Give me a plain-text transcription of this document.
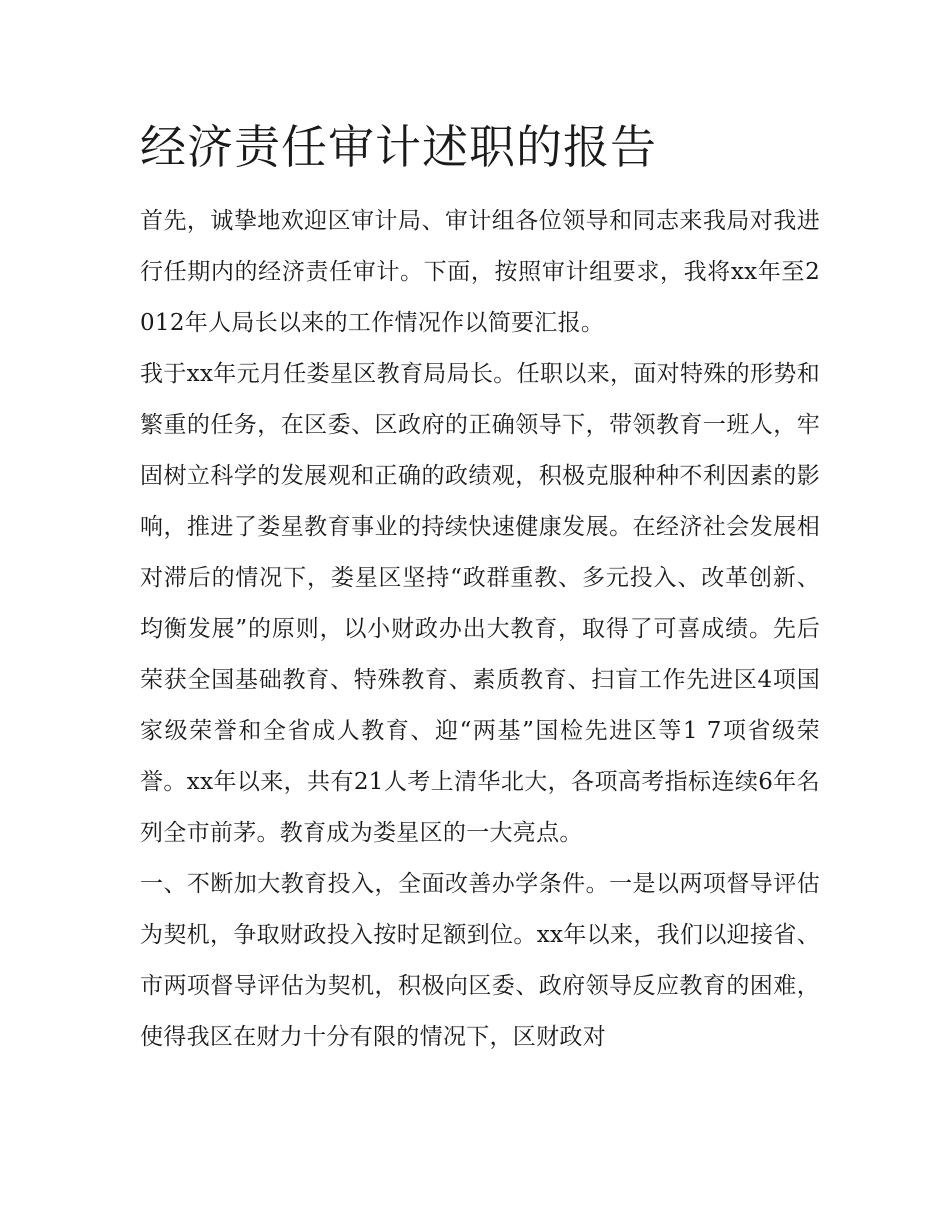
经济责任审计述职的报告

首先，诚挚地欢迎区审计局、审计组各位领导和同志来我局对我进行任期内的经济责任审计。下面，按照审计组要求，我将xx年至2012年人局长以来的工作情况作以简要汇报。

我于xx年元月任娄星区教育局局长。任职以来，面对特殊的形势和繁重的任务，在区委、区政府的正确领导下，带领教育一班人，牢固树立科学的发展观和正确的政绩观，积极克服种种不利因素的影响，推进了娄星教育事业的持续快速健康发展。在经济社会发展相对滞后的情况下，娄星区坚持“政群重教、多元投入、改革创新、均衡发展”的原则，以小财政办出大教育，取得了可喜成绩。先后荣获全国基础教育、特殊教育、素质教育、扫盲工作先进区4项国家级荣誉和全省成人教育、迎“两基”国检先进区等1 7项省级荣誉。xx年以来，共有21人考上清华北大，各项高考指标连续6年名列全市前茅。教育成为娄星区的一大亮点。

一、不断加大教育投入，全面改善办学条件。一是以两项督导评估为契机，争取财政投入按时足额到位。xx年以来，我们以迎接省、市两项督导评估为契机，积极向区委、政府领导反应教育的困难，使得我区在财力十分有限的情况下，区财政对
